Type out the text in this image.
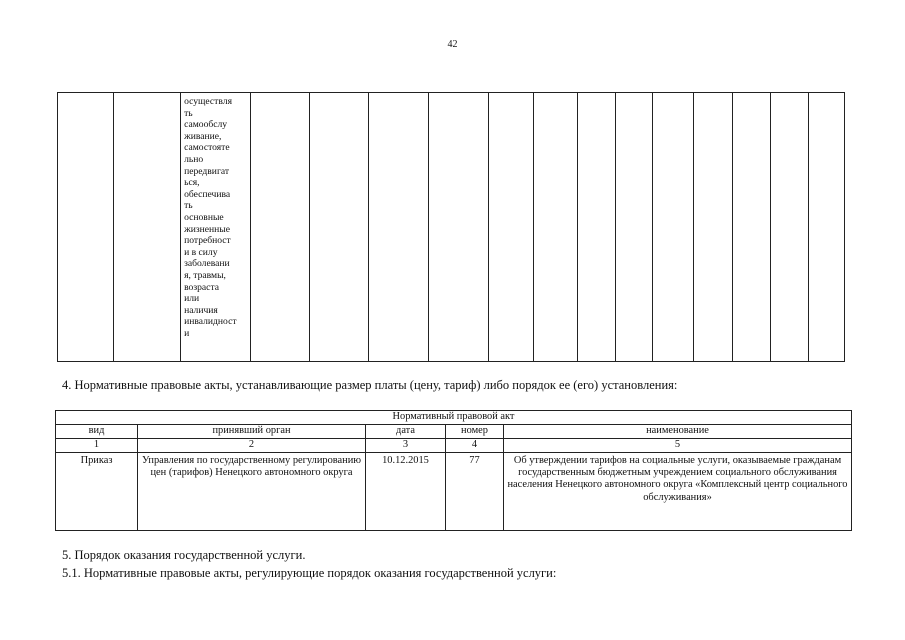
42

осуществля
ть
самообслу
живание,
самостояте
льно
передвигат
ься,
обеспечива
ть
основные
жизненные
потребност
и в силу
заболевани
я, травмы,
возраста
или
наличия
инвалидност
и

4. Нормативные правовые акты, устанавливающие размер платы (цену, тариф) либо порядок ее (его) установления:
Нормативный правовой акт				
вид	принявший орган	дата	номер	наименование
1	2	3	4	5
Приказ	Управления по государственному регулированию цен (тарифов) Ненецкого автономного округа	10.12.2015	77	Об утверждении тарифов на социальные услуги, оказываемые гражданам государственным бюджетным учреждением социального обслуживания населения Ненецкого автономного округа «Комплексный центр социального обслуживания»
5. Порядок оказания государственной услуги.
5.1. Нормативные правовые акты, регулирующие порядок оказания государственной услуги:
